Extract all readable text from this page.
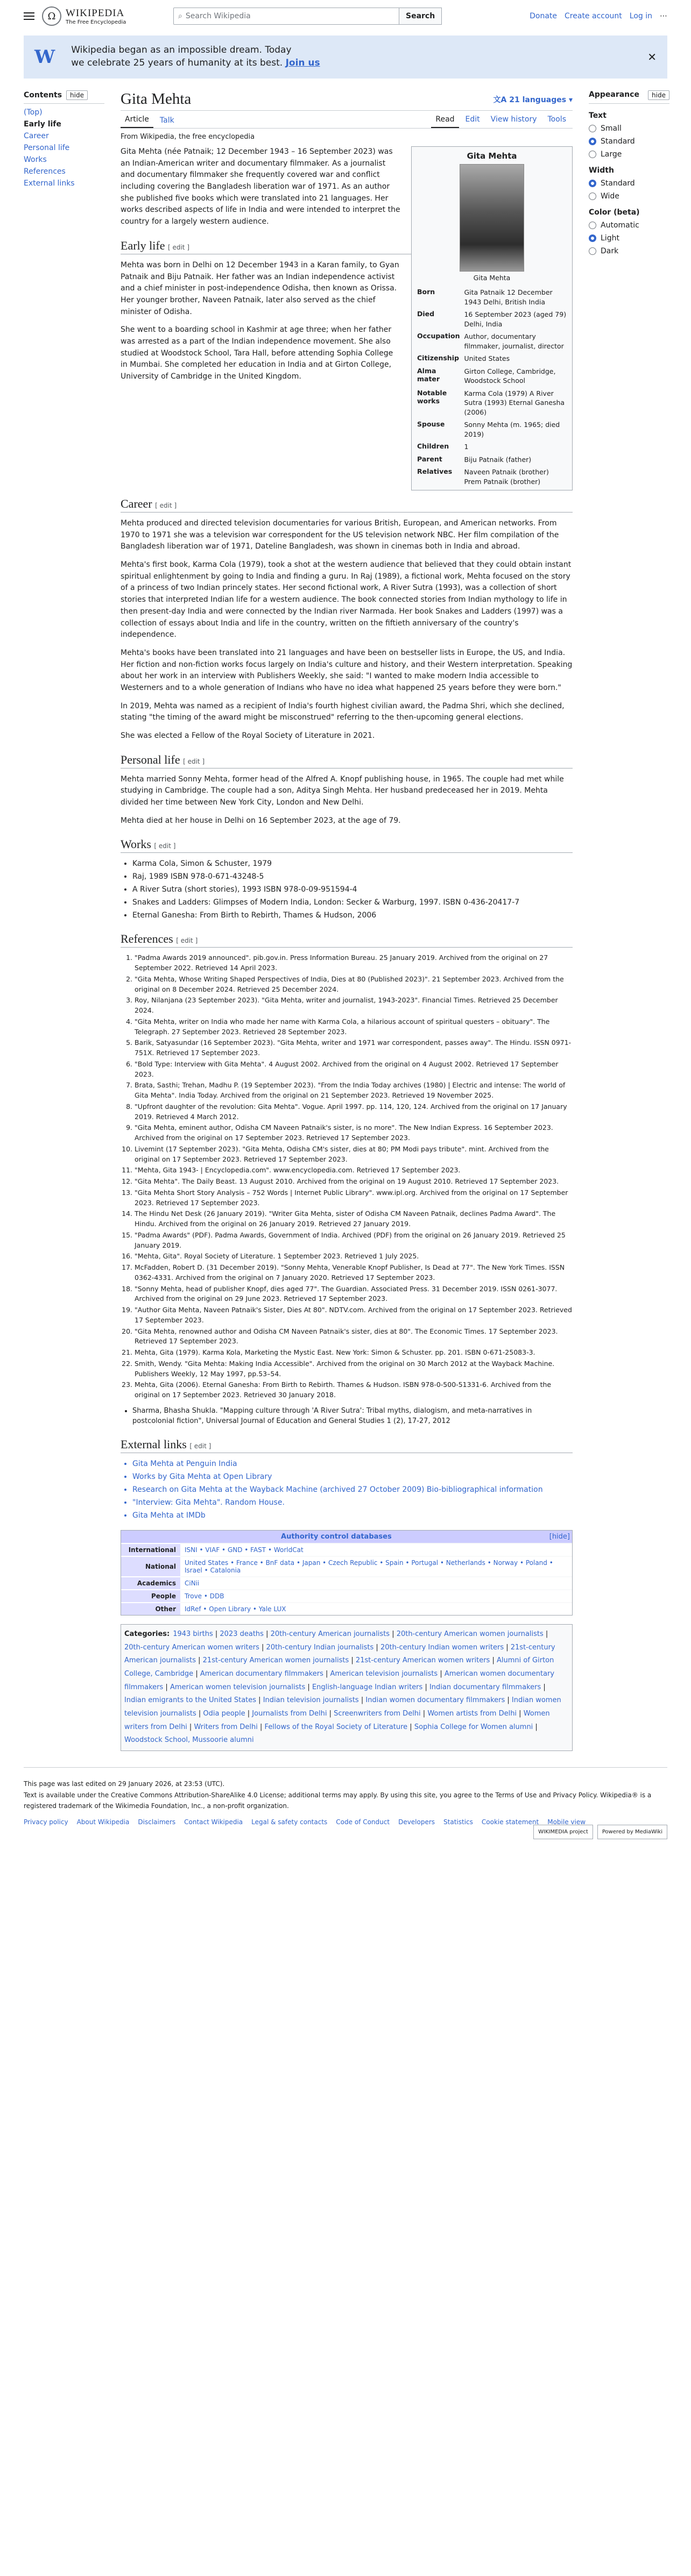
Ω WIKIPEDIA
The Free Encyclopedia
⌕ Search Wikipedia	Search	Donate Create account Log in ⋯
W Wikipedia began as an impossible dream. Today
we celebrate 25 years of humanity at its best. Join us	✕
Contents	hide
(Top)
Early life
Career
Personal life
Works
References
External links
Gita Mehta	文A 21 languages ▾
Article	Talk	Read	Edit	View history	Tools
From Wikipedia, the free encyclopedia
Gita Mehta
Gita Mehta
Born	Gita Patnaik 12 December 1943 Delhi, British India
Died	16 September 2023 (aged 79) Delhi, India
Occupation	Author, documentary filmmaker, journalist, director
Citizenship	United States
Alma mater	Girton College, Cambridge, Woodstock School
Notable works	Karma Cola (1979) A River Sutra (1993) Eternal Ganesha (2006)
Spouse	Sonny Mehta (m. 1965; died 2019)
Children	1
Parent	Biju Patnaik (father)
Relatives	Naveen Patnaik (brother) Prem Patnaik (brother)

Gita Mehta (née Patnaik; 12 December 1943 – 16 September 2023) was an Indian-American writer and documentary filmmaker. As a journalist and documentary filmmaker she frequently covered war and conflict including covering the Bangladesh liberation war of 1971. As an author she published five books which were translated into 21 languages. Her works described aspects of life in India and were intended to interpret the country for a largely western audience.

Early life [ edit ]

Mehta was born in Delhi on 12 December 1943 in a Karan family, to Gyan Patnaik and Biju Patnaik. Her father was an Indian independence activist and a chief minister in post-independence Odisha, then known as Orissa. Her younger brother, Naveen Patnaik, later also served as the chief minister of Odisha.

She went to a boarding school in Kashmir at age three; when her father was arrested as a part of the Indian independence movement. She also studied at Woodstock School, Tara Hall, before attending Sophia College in Mumbai. She completed her education in India and at Girton College, University of Cambridge in the United Kingdom.

Career [ edit ]

Mehta produced and directed television documentaries for various British, European, and American networks. From 1970 to 1971 she was a television war correspondent for the US television network NBC. Her film compilation of the Bangladesh liberation war of 1971, Dateline Bangladesh, was shown in cinemas both in India and abroad.

Mehta's first book, Karma Cola (1979), took a shot at the western audience that believed that they could obtain instant spiritual enlightenment by going to India and finding a guru. In Raj (1989), a fictional work, Mehta focused on the story of a princess of two Indian princely states. Her second fictional work, A River Sutra (1993), was a collection of short stories that interpreted Indian life for a western audience. The book connected stories from Indian mythology to life in then present-day India and were connected by the Indian river Narmada. Her book Snakes and Ladders (1997) was a collection of essays about India and life in the country, written on the fiftieth anniversary of the country's independence.

Mehta's books have been translated into 21 languages and have been on bestseller lists in Europe, the US, and India. Her fiction and non-fiction works focus largely on India's culture and history, and their Western interpretation. Speaking about her work in an interview with Publishers Weekly, she said: "I wanted to make modern India accessible to Westerners and to a whole generation of Indians who have no idea what happened 25 years before they were born."

In 2019, Mehta was named as a recipient of India's fourth highest civilian award, the Padma Shri, which she declined, stating "the timing of the award might be misconstrued" referring to the then-upcoming general elections.

She was elected a Fellow of the Royal Society of Literature in 2021.

Personal life [ edit ]

Mehta married Sonny Mehta, former head of the Alfred A. Knopf publishing house, in 1965. The couple had met while studying in Cambridge. The couple had a son, Aditya Singh Mehta. Her husband predeceased her in 2019. Mehta divided her time between New York City, London and New Delhi.

Mehta died at her house in Delhi on 16 September 2023, at the age of 79.

Works [ edit ]
• Karma Cola, Simon & Schuster, 1979
• Raj, 1989 ISBN 978-0-671-43248-5
• A River Sutra (short stories), 1993 ISBN 978-0-09-951594-4
• Snakes and Ladders: Glimpses of Modern India, London: Secker & Warburg, 1997. ISBN 0-436-20417-7
• Eternal Ganesha: From Birth to Rebirth, Thames & Hudson, 2006
References [ edit ]
1. "Padma Awards 2019 announced". pib.gov.in. Press Information Bureau. 25 January 2019. Archived from the original on 27 September 2022. Retrieved 14 April 2023.
2. "Gita Mehta, Whose Writing Shaped Perspectives of India, Dies at 80 (Published 2023)". 21 September 2023. Archived from the original on 8 December 2024. Retrieved 25 December 2024.
3. Roy, Nilanjana (23 September 2023). "Gita Mehta, writer and journalist, 1943-2023". Financial Times. Retrieved 25 December 2024.
4. "Gita Mehta, writer on India who made her name with Karma Cola, a hilarious account of spiritual questers – obituary". The Telegraph. 27 September 2023. Retrieved 28 September 2023.
5. Barik, Satyasundar (16 September 2023). "Gita Mehta, writer and 1971 war correspondent, passes away". The Hindu. ISSN 0971-751X. Retrieved 17 September 2023.
6. "Bold Type: Interview with Gita Mehta". 4 August 2002. Archived from the original on 4 August 2002. Retrieved 17 September 2023.
7. Brata, Sasthi; Trehan, Madhu P. (19 September 2023). "From the India Today archives (1980) | Electric and intense: The world of Gita Mehta". India Today. Archived from the original on 21 September 2023. Retrieved 19 November 2025.
8. "Upfront daughter of the revolution: Gita Mehta". Vogue. April 1997. pp. 114, 120, 124. Archived from the original on 17 January 2019. Retrieved 4 March 2012.
9. "Gita Mehta, eminent author, Odisha CM Naveen Patnaik's sister, is no more". The New Indian Express. 16 September 2023. Archived from the original on 17 September 2023. Retrieved 17 September 2023.
10. Livemint (17 September 2023). "Gita Mehta, Odisha CM's sister, dies at 80; PM Modi pays tribute". mint. Archived from the original on 17 September 2023. Retrieved 17 September 2023.
11. "Mehta, Gita 1943- | Encyclopedia.com". www.encyclopedia.com. Retrieved 17 September 2023.
12. "Gita Mehta". The Daily Beast. 13 August 2010. Archived from the original on 19 August 2010. Retrieved 17 September 2023.
13. "Gita Mehta Short Story Analysis – 752 Words | Internet Public Library". www.ipl.org. Archived from the original on 17 September 2023. Retrieved 17 September 2023.
14. The Hindu Net Desk (26 January 2019). "Writer Gita Mehta, sister of Odisha CM Naveen Patnaik, declines Padma Award". The Hindu. Archived from the original on 26 January 2019. Retrieved 27 January 2019.
15. "Padma Awards" (PDF). Padma Awards, Government of India. Archived (PDF) from the original on 26 January 2019. Retrieved 25 January 2019.
16. "Mehta, Gita". Royal Society of Literature. 1 September 2023. Retrieved 1 July 2025.
17. McFadden, Robert D. (31 December 2019). "Sonny Mehta, Venerable Knopf Publisher, Is Dead at 77". The New York Times. ISSN 0362-4331. Archived from the original on 7 January 2020. Retrieved 17 September 2023.
18. "Sonny Mehta, head of publisher Knopf, dies aged 77". The Guardian. Associated Press. 31 December 2019. ISSN 0261-3077. Archived from the original on 29 June 2023. Retrieved 17 September 2023.
19. "Author Gita Mehta, Naveen Patnaik's Sister, Dies At 80". NDTV.com. Archived from the original on 17 September 2023. Retrieved 17 September 2023.
20. "Gita Mehta, renowned author and Odisha CM Naveen Patnaik's sister, dies at 80". The Economic Times. 17 September 2023. Retrieved 17 September 2023.
21. Mehta, Gita (1979). Karma Kola, Marketing the Mystic East. New York: Simon & Schuster. pp. 201. ISBN 0-671-25083-3.
22. Smith, Wendy. "Gita Mehta: Making India Accessible". Archived from the original on 30 March 2012 at the Wayback Machine. Publishers Weekly, 12 May 1997, pp.53–54.
23. Mehta, Gita (2006). Eternal Ganesha: From Birth to Rebirth. Thames & Hudson. ISBN 978-0-500-51331-6. Archived from the original on 17 September 2023. Retrieved 30 January 2018.
• Sharma, Bhasha Shukla. "Mapping culture through 'A River Sutra': Tribal myths, dialogism, and meta-narratives in postcolonial fiction", Universal Journal of Education and General Studies 1 (2), 17-27, 2012
External links [ edit ]
• Gita Mehta at Penguin India
• Works by Gita Mehta at Open Library
• Research on Gita Mehta at the Wayback Machine (archived 27 October 2009) Bio-bibliographical information
• "Interview: Gita Mehta". Random House.
• Gita Mehta at IMDb
Authority control databases	[hide]
International	ISNI • VIAF • GND • FAST • WorldCat
National	United States • France • BnF data • Japan • Czech Republic • Spain • Portugal • Netherlands • Norway • Poland • Israel • Catalonia
Academics	CiNii
People	Trove • DDB
Other	IdRef • Open Library • Yale LUX
Categories: 1943 births | 2023 deaths | 20th-century American journalists | 20th-century American women journalists | 20th-century American women writers | 20th-century Indian journalists | 20th-century Indian women writers | 21st-century American journalists | 21st-century American women journalists | 21st-century American women writers | Alumni of Girton College, Cambridge | American documentary filmmakers | American television journalists | American women documentary filmmakers | American women television journalists | English-language Indian writers | Indian documentary filmmakers | Indian emigrants to the United States | Indian television journalists | Indian women documentary filmmakers | Indian women television journalists | Odia people | Journalists from Delhi | Screenwriters from Delhi | Women artists from Delhi | Women writers from Delhi | Writers from Delhi | Fellows of the Royal Society of Literature | Sophia College for Women alumni | Woodstock School, Mussoorie alumni
Appearance	hide
Text
Small
Standard
Large
Width
Standard
Wide
Color (beta)
Automatic
Light
Dark
This page was last edited on 29 January 2026, at 23:53 (UTC).
Text is available under the Creative Commons Attribution-ShareAlike 4.0 License; additional terms may apply. By using this site, you agree to the Terms of Use and Privacy Policy. Wikipedia® is a registered trademark of the Wikimedia Foundation, Inc., a non-profit organization.
Privacy policy About Wikipedia Disclaimers Contact Wikipedia Legal & safety contacts Code of Conduct Developers Statistics Cookie statement Mobile view
WIKIMEDIA project	Powered by MediaWiki
